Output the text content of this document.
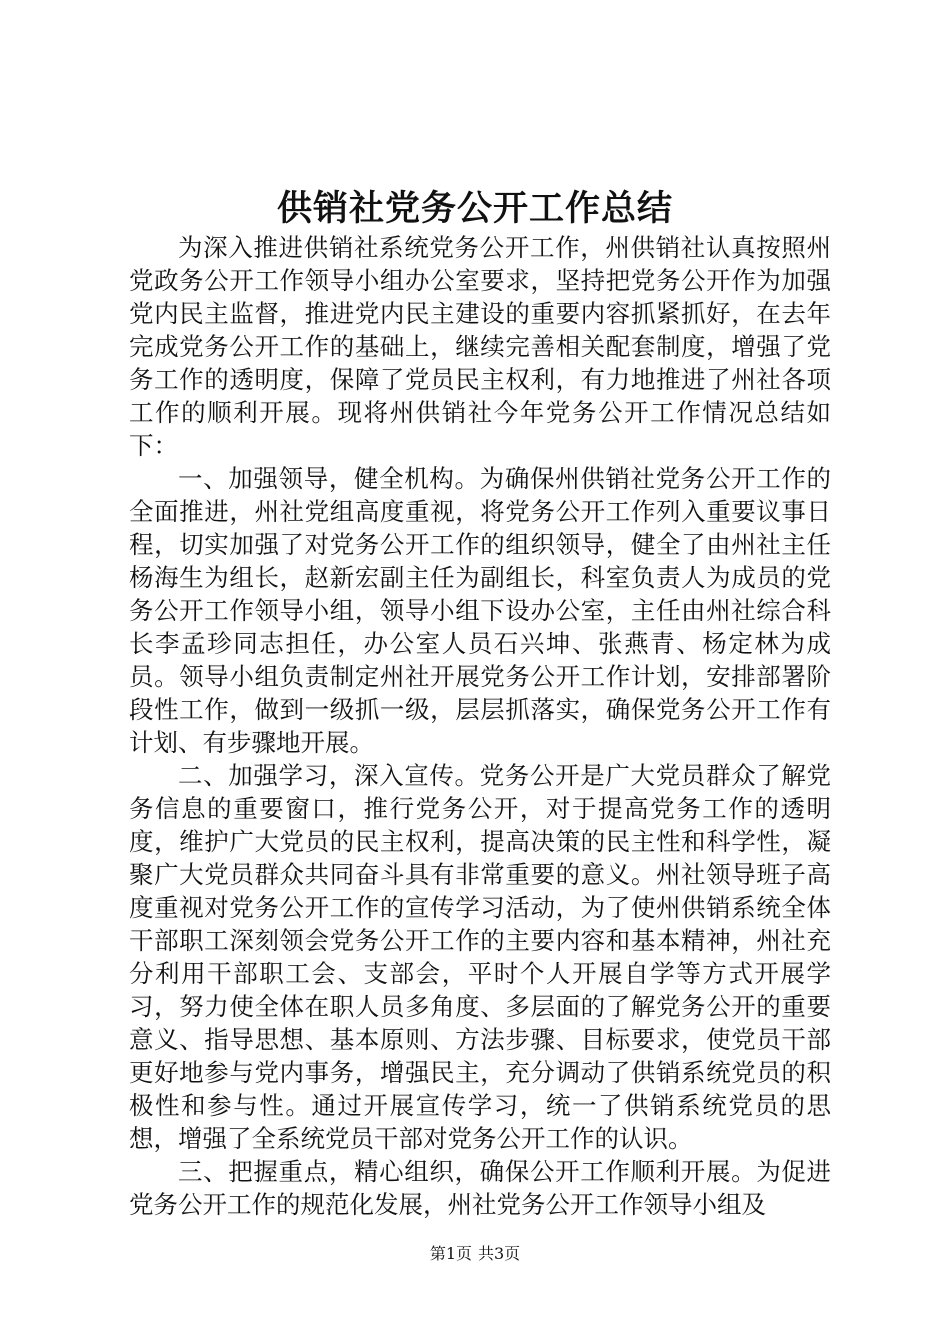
供销社党务公开工作总结

为深入推进供销社系统党务公开工作，州供销社认真按照州党政务公开工作领导小组办公室要求，坚持把党务公开作为加强党内民主监督，推进党内民主建设的重要内容抓紧抓好，在去年完成党务公开工作的基础上，继续完善相关配套制度，增强了党务工作的透明度，保障了党员民主权利，有力地推进了州社各项工作的顺利开展。现将州供销社今年党务公开工作情况总结如下：

一、加强领导，健全机构。为确保州供销社党务公开工作的全面推进，州社党组高度重视，将党务公开工作列入重要议事日程，切实加强了对党务公开工作的组织领导，健全了由州社主任杨海生为组长，赵新宏副主任为副组长，科室负责人为成员的党务公开工作领导小组，领导小组下设办公室，主任由州社综合科长李孟珍同志担任，办公室人员石兴坤、张燕青、杨定林为成员。领导小组负责制定州社开展党务公开工作计划，安排部署阶段性工作，做到一级抓一级，层层抓落实，确保党务公开工作有计划、有步骤地开展。

二、加强学习，深入宣传。党务公开是广大党员群众了解党务信息的重要窗口，推行党务公开，对于提高党务工作的透明度，维护广大党员的民主权利，提高决策的民主性和科学性，凝聚广大党员群众共同奋斗具有非常重要的意义。州社领导班子高度重视对党务公开工作的宣传学习活动，为了使州供销系统全体干部职工深刻领会党务公开工作的主要内容和基本精神，州社充分利用干部职工会、支部会，平时个人开展自学等方式开展学习，努力使全体在职人员多角度、多层面的了解党务公开的重要意义、指导思想、基本原则、方法步骤、目标要求，使党员干部更好地参与党内事务，增强民主，充分调动了供销系统党员的积极性和参与性。通过开展宣传学习，统一了供销系统党员的思想，增强了全系统党员干部对党务公开工作的认识。

三、把握重点，精心组织，确保公开工作顺利开展。为促进党务公开工作的规范化发展，州社党务公开工作领导小组及

第1页 共3页
